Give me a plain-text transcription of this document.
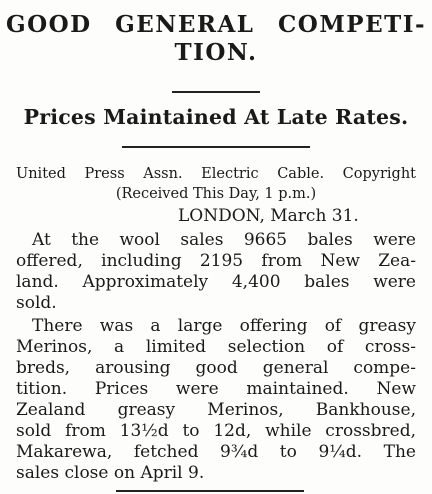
GOOD GENERAL COMPETI-
TION.
Prices Maintained At Late Rates.
United Press Assn. Electric Cable. Copyright
(Received This Day, 1 p.m.)
LONDON, March 31.
At the wool sales 9665 bales were
offered, including 2195 from New Zea-
land. Approximately 4,400 bales were
sold.
There was a large offering of greasy
Merinos, a limited selection of cross-
breds, arousing good general compe-
tition. Prices were maintained. New
Zealand greasy Merinos, Bankhouse,
sold from 13½d to 12d, while crossbred,
Makarewa, fetched 9¾d to 9¼d. The
sales close on April 9.
